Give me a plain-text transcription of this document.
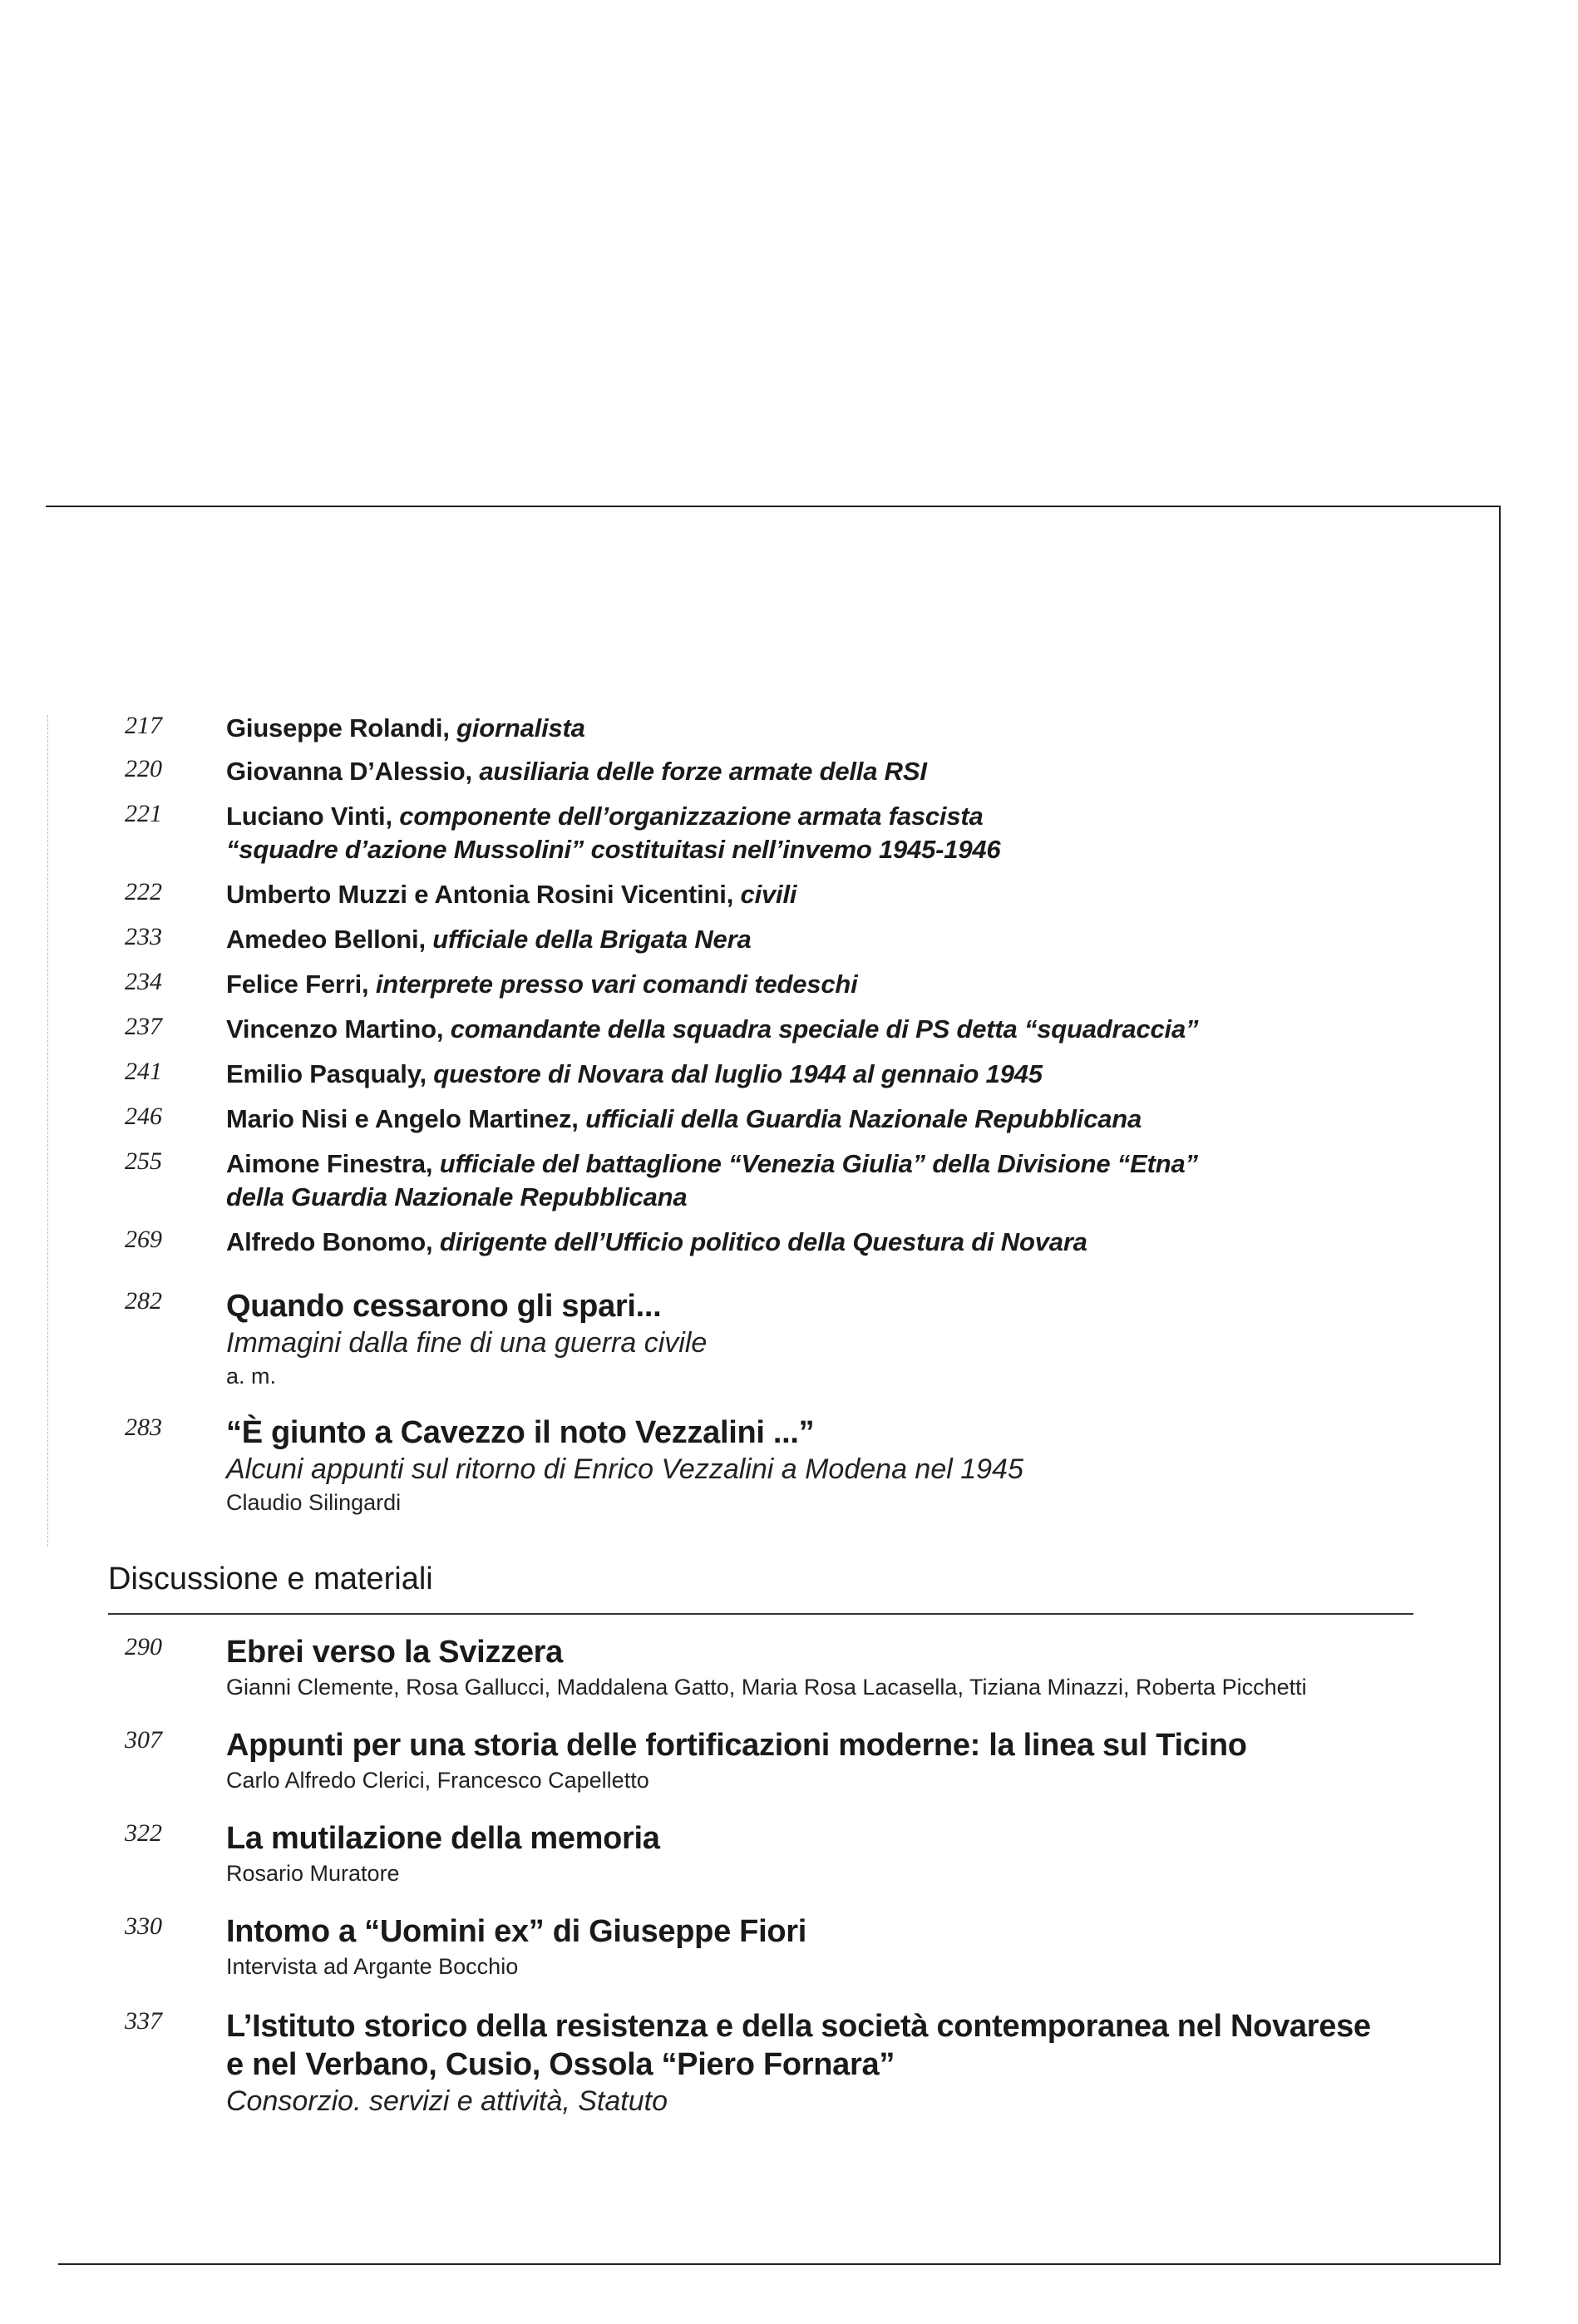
217	Giuseppe Rolandi, giornalista
220	Giovanna D’Alessio, ausiliaria delle forze armate della RSI
221	Luciano Vinti, componente dell’organizzazione armata fascista
“squadre d’azione Mussolini” costituitasi nell’invemo 1945-1946
222	Umberto Muzzi e Antonia Rosini Vicentini, civili
233	Amedeo Belloni, ufficiale della Brigata Nera
234	Felice Ferri, interprete presso vari comandi tedeschi
237	Vincenzo Martino, comandante della squadra speciale di PS detta “squadraccia”
241	Emilio Pasqualy, questore di Novara dal luglio 1944 al gennaio 1945
246	Mario Nisi e Angelo Martinez, ufficiali della Guardia Nazionale Repubblicana
255	Aimone Finestra, ufficiale del battaglione “Venezia Giulia” della Divisione “Etna”
della Guardia Nazionale Repubblicana
269	Alfredo Bonomo, dirigente dell’Ufficio politico della Questura di Novara
282	Quando cessarono gli spari...
Immagini dalla fine di una guerra civile
a. m.
283	“È giunto a Cavezzo il noto Vezzalini ...”
Alcuni appunti sul ritorno di Enrico Vezzalini a Modena nel 1945
Claudio Silingardi
Discussione e materiali
290	Ebrei verso la Svizzera
Gianni Clemente, Rosa Gallucci, Maddalena Gatto, Maria Rosa Lacasella, Tiziana Minazzi, Roberta Picchetti
307	Appunti per una storia delle fortificazioni moderne: la linea sul Ticino
Carlo Alfredo Clerici, Francesco Capelletto
322	La mutilazione della memoria
Rosario Muratore
330	Intomo a “Uomini ex” di Giuseppe Fiori
Intervista ad Argante Bocchio
337	L’Istituto storico della resistenza e della società contemporanea nel Novarese
e nel Verbano, Cusio, Ossola “Piero Fornara”
Consorzio. servizi e attività, Statuto
